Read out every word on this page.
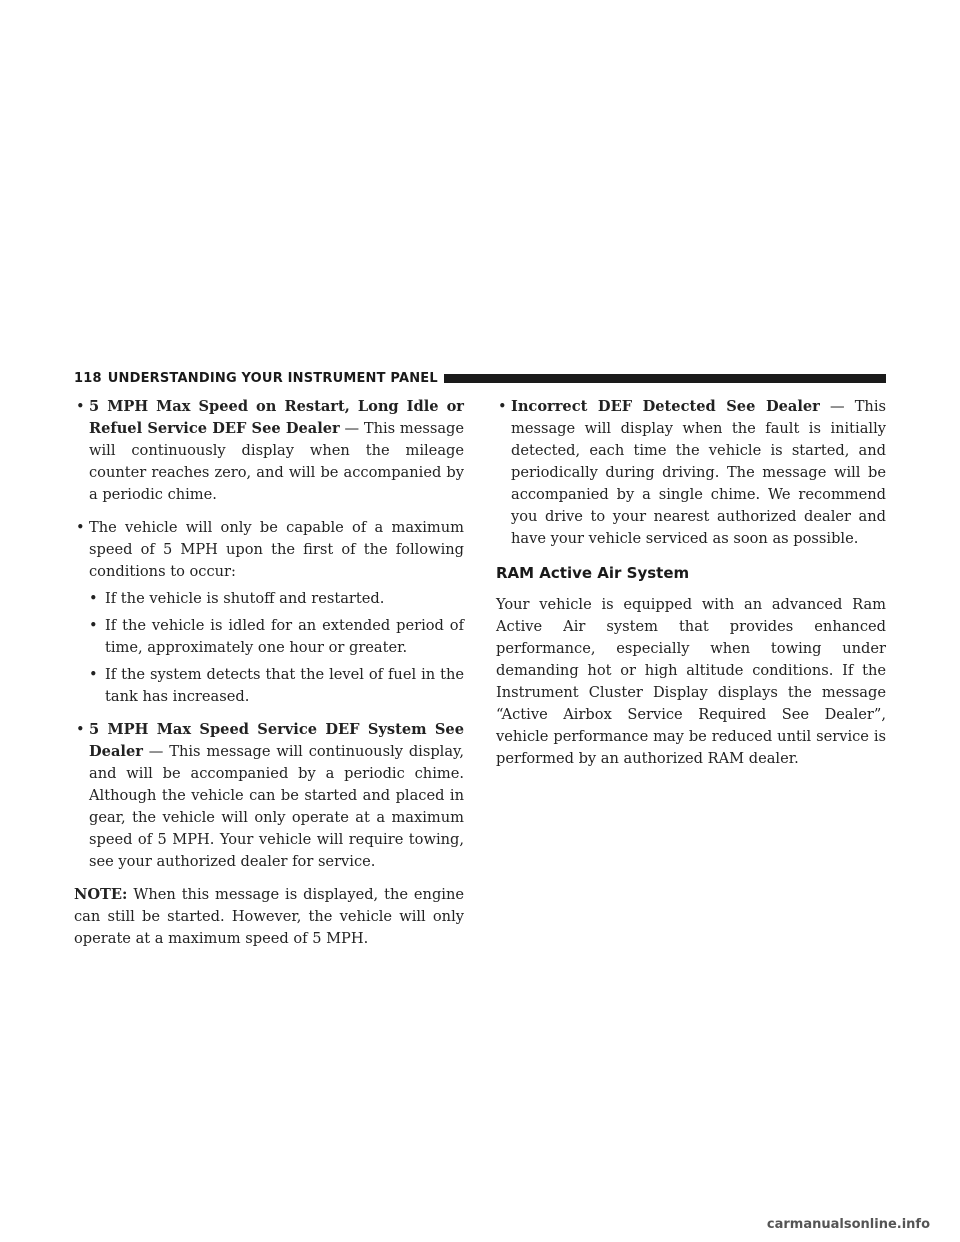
118 UNDERSTANDING YOUR INSTRUMENT PANEL
• 5 MPH Max Speed on Restart, Long Idle or Refuel Service DEF See Dealer — This message will continuously display when the mileage counter reaches zero, and will be accompanied by a periodic chime.
• The vehicle will only be capable of a maximum speed of 5 MPH upon the first of the following conditions to occur:
• If the vehicle is shutoff and restarted.
• If the vehicle is idled for an extended period of time, approximately one hour or greater.
• If the system detects that the level of fuel in the tank has increased.
• 5 MPH Max Speed Service DEF System See Dealer — This message will continuously display, and will be accompanied by a periodic chime. Although the vehicle can be started and placed in gear, the vehicle will only operate at a maximum speed of 5 MPH. Your vehicle will require towing, see your authorized dealer for service.

NOTE: When this message is displayed, the engine can still be started. However, the vehicle will only operate at a maximum speed of 5 MPH.

• Incorrect DEF Detected See Dealer — This message will display when the fault is initially detected, each time the vehicle is started, and periodically during driving. The message will be accompanied by a single chime. We recommend you drive to your nearest authorized dealer and have your vehicle serviced as soon as possible.
RAM Active Air System

Your vehicle is equipped with an advanced Ram Active Air system that provides enhanced performance, especially when towing under demanding hot or high altitude conditions. If the Instrument Cluster Display displays the message “Active Airbox Service Required See Dealer”, vehicle performance may be reduced until service is performed by an authorized RAM dealer.

carmanualsonline.info
